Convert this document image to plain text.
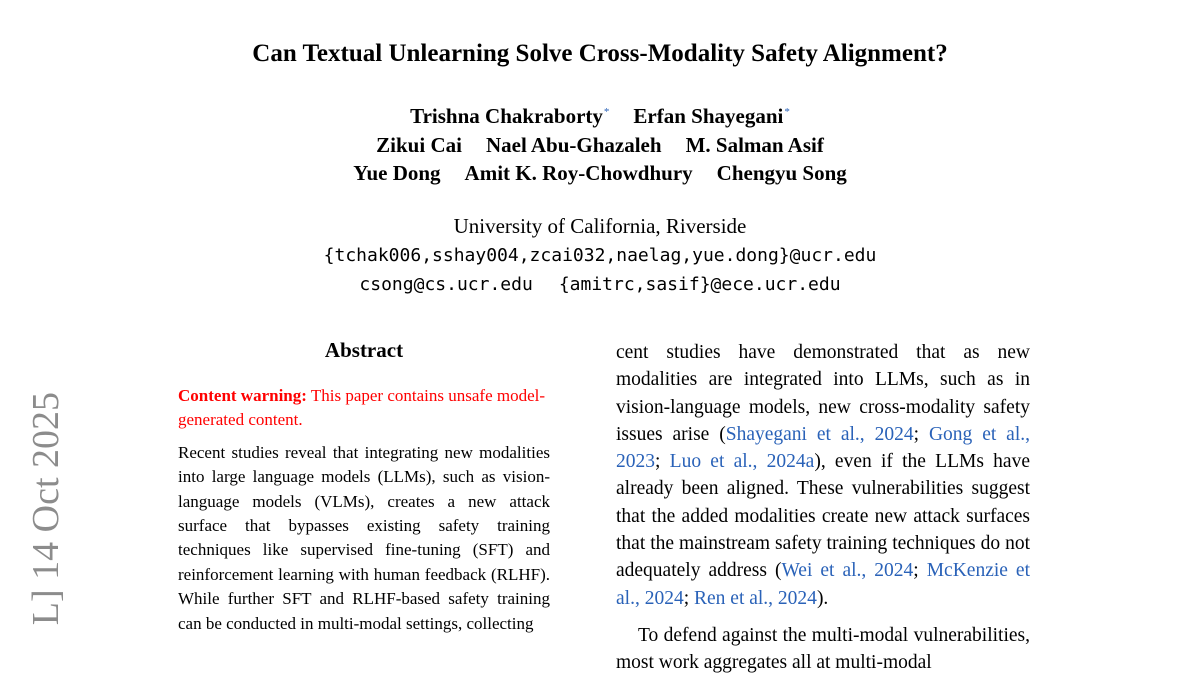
Can Textual Unlearning Solve Cross-Modality Safety Alignment?
Trishna Chakraborty* Erfan Shayegani*
Zikui Cai Nael Abu-Ghazaleh M. Salman Asif
Yue Dong Amit K. Roy-Chowdhury Chengyu Song
University of California, Riverside
{tchak006,sshay004,zcai032,naelag,yue.dong}@ucr.edu
csong@cs.ucr.edu {amitrc,sasif}@ece.ucr.edu
L] 14 Oct 2025
Abstract

Content warning: This paper contains unsafe model-generated content.

Recent studies reveal that integrating new modalities into large language models (LLMs), such as vision-language models (VLMs), creates a new attack surface that bypasses existing safety training techniques like supervised fine-tuning (SFT) and reinforcement learning with human feedback (RLHF). While further SFT and RLHF-based safety training can be conducted in multi-modal settings, collecting

cent studies have demonstrated that as new modalities are integrated into LLMs, such as in vision-language models, new cross-modality safety issues arise (Shayegani et al., 2024; Gong et al., 2023; Luo et al., 2024a), even if the LLMs have already been aligned. These vulnerabilities suggest that the added modalities create new attack surfaces that the mainstream safety training techniques do not adequately address (Wei et al., 2024; McKenzie et al., 2024; Ren et al., 2024).

To defend against the multi-modal vulnerabilities, most work aggregates all at multi-modal
